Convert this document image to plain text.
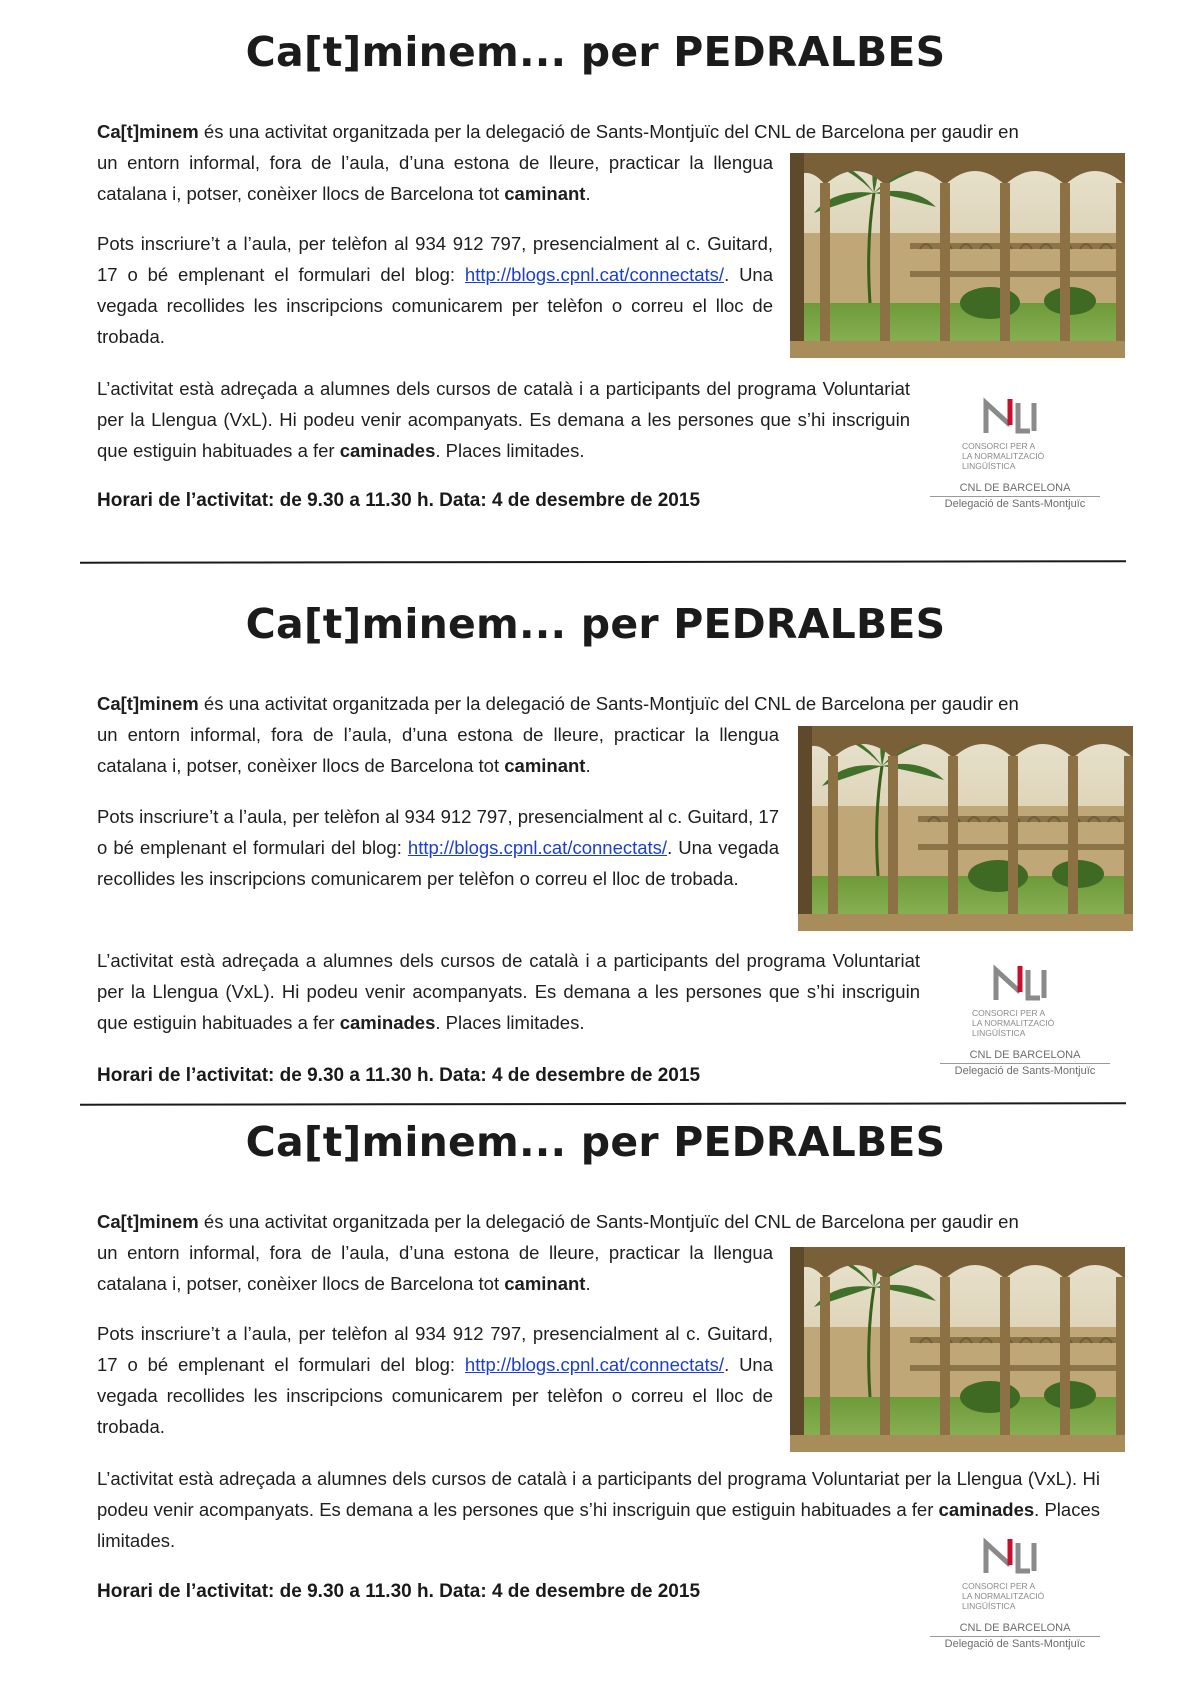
Ca[t]minem... per PEDRALBES

Ca[t]minem és una activitat organitzada per la delegació de Sants-Montjuïc del CNL de Barcelona per gaudir en

un entorn informal, fora de l’aula, d’una estona de lleure, practicar la llengua catalana i, potser, conèixer llocs de Barcelona tot caminant.

Pots inscriure’t a l’aula, per telèfon al 934 912 797, presencialment al c. Guitard, 17 o bé emplenant el formulari del blog: http://blogs.cpnl.cat/connectats/. Una vegada recollides les inscripcions comunicarem per telèfon o correu el lloc de trobada.

L’activitat està adreçada a alumnes dels cursos de català i a participants del programa Voluntariat per la Llengua (VxL). Hi podeu venir acompanyats. Es demana a les persones que s’hi inscriguin que estiguin habituades a fer caminades. Places limitades.

Horari de l’activitat: de 9.30 a 11.30 h. Data: 4 de desembre de 2015

CONSORCI PER A
LA NORMALITZACIÓ
LINGÜÍSTICA
CNL DE BARCELONA
Delegació de Sants-Montjuïc
Ca[t]minem... per PEDRALBES

Ca[t]minem és una activitat organitzada per la delegació de Sants-Montjuïc del CNL de Barcelona per gaudir en

un entorn informal, fora de l’aula, d’una estona de lleure, practicar la llengua catalana i, potser, conèixer llocs de Barcelona tot caminant.

Pots inscriure’t a l’aula, per telèfon al 934 912 797, presencialment al c. Guitard, 17 o bé emplenant el formulari del blog: http://blogs.cpnl.cat/connectats/. Una vegada recollides les inscripcions comunicarem per telèfon o correu el lloc de trobada.

L’activitat està adreçada a alumnes dels cursos de català i a participants del programa Voluntariat per la Llengua (VxL). Hi podeu venir acompanyats. Es demana a les persones que s’hi inscriguin que estiguin habituades a fer caminades. Places limitades.

Horari de l’activitat: de 9.30 a 11.30 h. Data: 4 de desembre de 2015

CONSORCI PER A
LA NORMALITZACIÓ
LINGÜÍSTICA
CNL DE BARCELONA
Delegació de Sants-Montjuïc
Ca[t]minem... per PEDRALBES

Ca[t]minem és una activitat organitzada per la delegació de Sants-Montjuïc del CNL de Barcelona per gaudir en

un entorn informal, fora de l’aula, d’una estona de lleure, practicar la llengua catalana i, potser, conèixer llocs de Barcelona tot caminant.

Pots inscriure’t a l’aula, per telèfon al 934 912 797, presencialment al c. Guitard, 17 o bé emplenant el formulari del blog: http://blogs.cpnl.cat/connectats/. Una vegada recollides les inscripcions comunicarem per telèfon o correu el lloc de trobada.

L’activitat està adreçada a alumnes dels cursos de català i a participants del programa Voluntariat per la Llengua (VxL). Hi podeu venir acompanyats. Es demana a les persones que s’hi inscriguin que estiguin habituades a fer caminades. Places limitades.

Horari de l’activitat: de 9.30 a 11.30 h. Data: 4 de desembre de 2015	CONSORCI PER A
LA NORMALITZACIÓ
LINGÜÍSTICA
CNL DE BARCELONA
Delegació de Sants-Montjuïc
